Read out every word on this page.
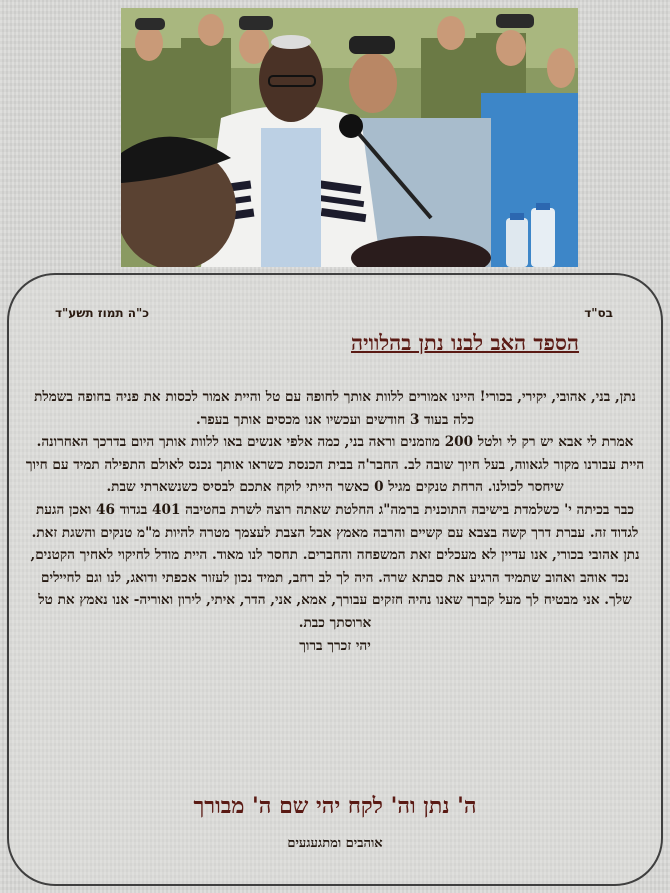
בס"ד
כ"ה תמוז תשע"ד
הספד האב לבנו נתן בהלוויה

נתן, בני, אהובי, יקירי, בכורי! היינו אמורים ללוות אותך לחופה עם טל והיית אמור לכסות את פניה בחופה בשמלת כלה בעוד 3 חודשים ועכשיו אנו מכסים אותך בעפר.

אמרת לי אבא יש רק לי ולטל 200 מוזמנים וראה בני, כמה אלפי אנשים באו ללוות אותך היום בדרכך האחרונה. היית עבורנו מקור לגאווה, בעל חיוך שובה לב. החבר'ה בבית הכנסת כשראו אותך נכנס לאולם התפילה תמיד עם חיוך שיחסר לכולנו. הרחת טנקים מגיל 0 כאשר הייתי לוקח אתכם לבסיס כשנשארתי שבת.

כבר בכיתה י' כשלמדת בישיבה התוכנית ברמה"ג החלטת שאתה רוצה לשרת בחטיבה 401 בגדוד 46 ואכן הגעת לגדוד זה. עברת דרך קשה בצבא עם קשיים והרבה מאמץ אבל הצבת לעצמך מטרה להיות מ"מ טנקים והשגת זאת.

נתן אהובי בכורי, אנו עדיין לא מעכלים זאת המשפחה והחברים. תחסר לנו מאוד. היית מודל לחיקוי לאחיך הקטנים, נכד אוהב ואהוב שתמיד הרגיע את סבתא שרה. היה לך לב רחב, תמיד נכון לעזור אכפתי ודואג, לנו וגם לחיילים שלך. אני מבטיח לך מעל קברך שאנו נהיה חזקים עבורך, אמא, אני, הדר, איתי, לירון ואוריה- אנו נאמץ את טל ארוסתך כבת.

יהי זכרך ברוך

ה' נתן וה' לקח יהי שם ה' מבורך
אוהבים ומתגעגעים
